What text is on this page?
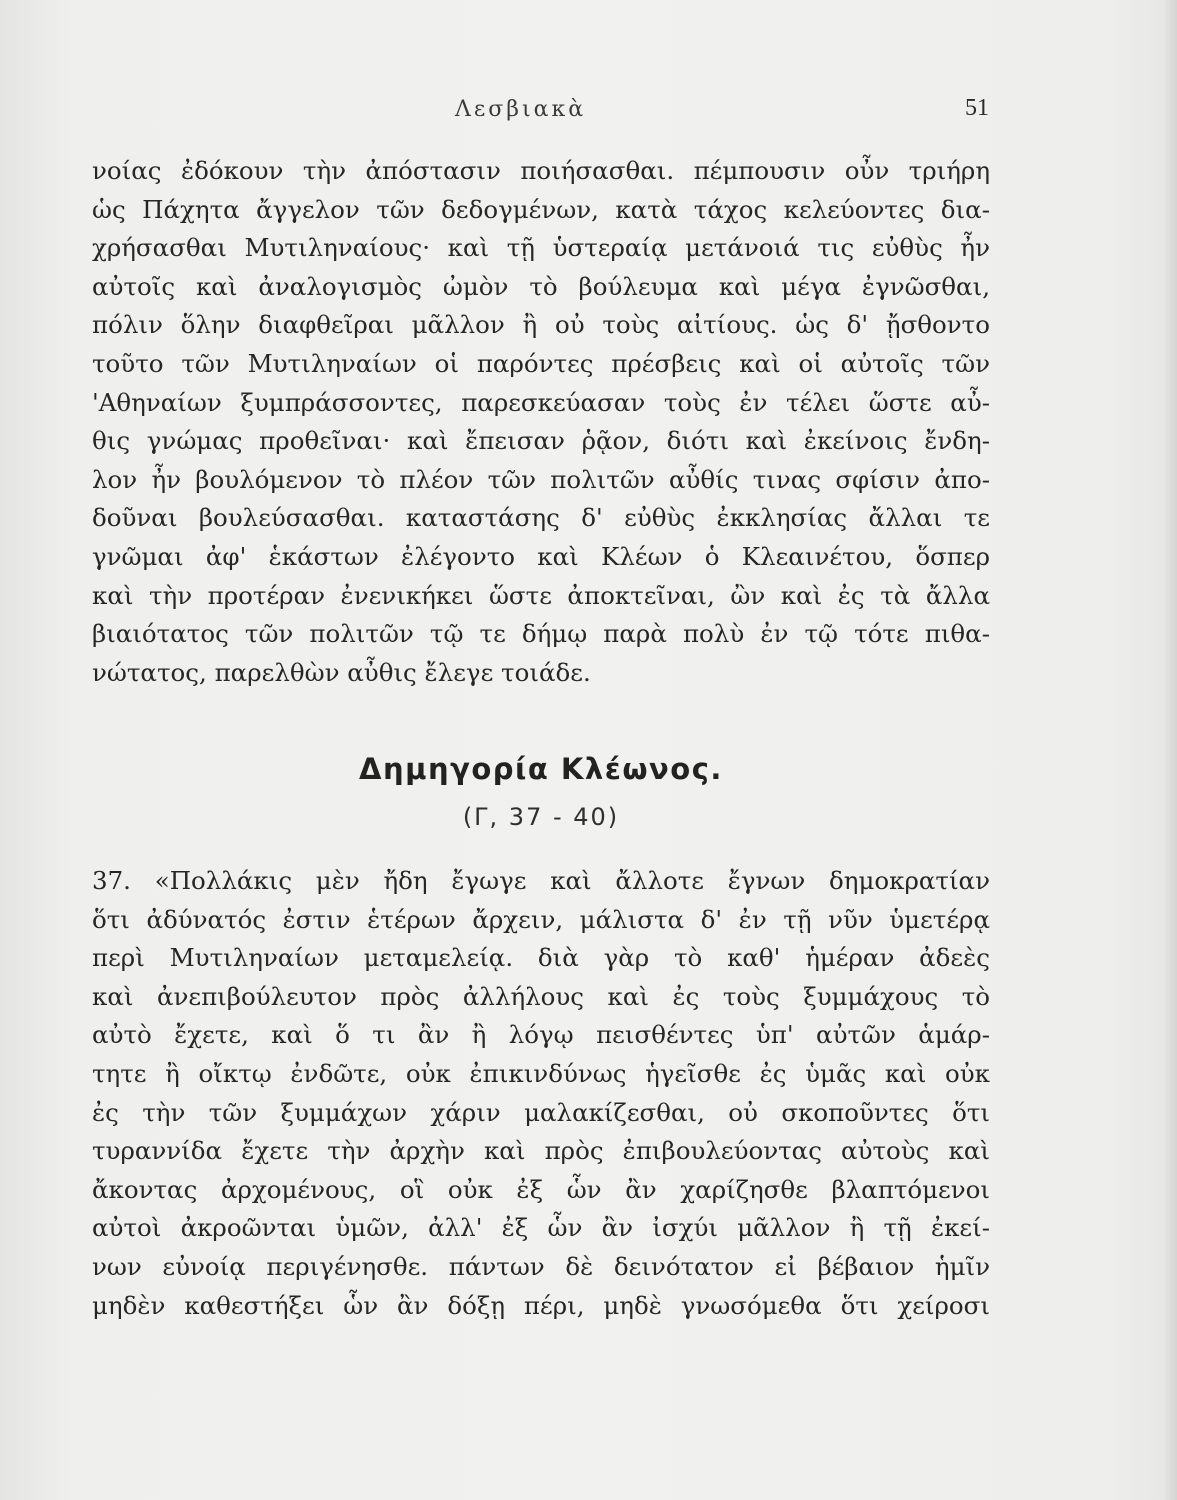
Λεσβιακὰ	51
νοίας ἐδόκουν τὴν ἀπόστασιν ποιήσασθαι. πέμπουσιν οὖν τριήρη
ὡς Πάχητα ἄγγελον τῶν δεδογμένων, κατὰ τάχος κελεύοντες δια-
χρήσασθαι Μυτιληναίους· καὶ τῇ ὑστεραίᾳ μετάνοιά τις εὐθὺς ἦν
αὐτοῖς καὶ ἀναλογισμὸς ὠμὸν τὸ βούλευμα καὶ μέγα ἐγνῶσθαι,
πόλιν ὅλην διαφθεῖραι μᾶλλον ἢ οὐ τοὺς αἰτίους. ὡς δ' ᾔσθοντο
τοῦτο τῶν Μυτιληναίων οἱ παρόντες πρέσβεις καὶ οἱ αὐτοῖς τῶν
'Αθηναίων ξυμπράσσοντες, παρεσκεύασαν τοὺς ἐν τέλει ὥστε αὖ-
θις γνώμας προθεῖναι· καὶ ἔπεισαν ῥᾷον, διότι καὶ ἐκείνοις ἔνδη-
λον ἦν βουλόμενον τὸ πλέον τῶν πολιτῶν αὖθίς τινας σφίσιν ἀπο-
δοῦναι βουλεύσασθαι. καταστάσης δ' εὐθὺς ἐκκλησίας ἄλλαι τε
γνῶμαι ἀφ' ἑκάστων ἐλέγοντο καὶ Κλέων ὁ Κλεαινέτου, ὅσπερ
καὶ τὴν προτέραν ἐνενικήκει ὥστε ἀποκτεῖναι, ὢν καὶ ἐς τὰ ἄλλα
βιαιότατος τῶν πολιτῶν τῷ τε δήμῳ παρὰ πολὺ ἐν τῷ τότε πιθα-
νώτατος, παρελθὼν αὖθις ἔλεγε τοιάδε.
Δημηγορία Κλέωνος.
(Γ, 37 - 40)
37. «Πολλάκις μὲν ἤδη ἔγωγε καὶ ἄλλοτε ἔγνων δημοκρατίαν
ὅτι ἀδύνατός ἐστιν ἑτέρων ἄρχειν, μάλιστα δ' ἐν τῇ νῦν ὑμετέρᾳ
περὶ Μυτιληναίων μεταμελείᾳ. διὰ γὰρ τὸ καθ' ἡμέραν ἀδεὲς
καὶ ἀνεπιβούλευτον πρὸς ἀλλήλους καὶ ἐς τοὺς ξυμμάχους τὸ
αὐτὸ ἔχετε, καὶ ὅ τι ἂν ἢ λόγῳ πεισθέντες ὑπ' αὐτῶν ἁμάρ-
τητε ἢ οἴκτῳ ἐνδῶτε, οὐκ ἐπικινδύνως ἡγεῖσθε ἐς ὑμᾶς καὶ οὐκ
ἐς τὴν τῶν ξυμμάχων χάριν μαλακίζεσθαι, οὐ σκοποῦντες ὅτι
τυραννίδα ἔχετε τὴν ἀρχὴν καὶ πρὸς ἐπιβουλεύοντας αὐτοὺς καὶ
ἄκοντας ἀρχομένους, οἳ οὐκ ἐξ ὧν ἂν χαρίζησθε βλαπτόμενοι
αὐτοὶ ἀκροῶνται ὑμῶν, ἀλλ' ἐξ ὧν ἂν ἰσχύι μᾶλλον ἢ τῇ ἐκεί-
νων εὐνοίᾳ περιγένησθε. πάντων δὲ δεινότατον εἰ βέβαιον ἡμῖν
μηδὲν καθεστήξει ὧν ἂν δόξῃ πέρι, μηδὲ γνωσόμεθα ὅτι χείροσι
